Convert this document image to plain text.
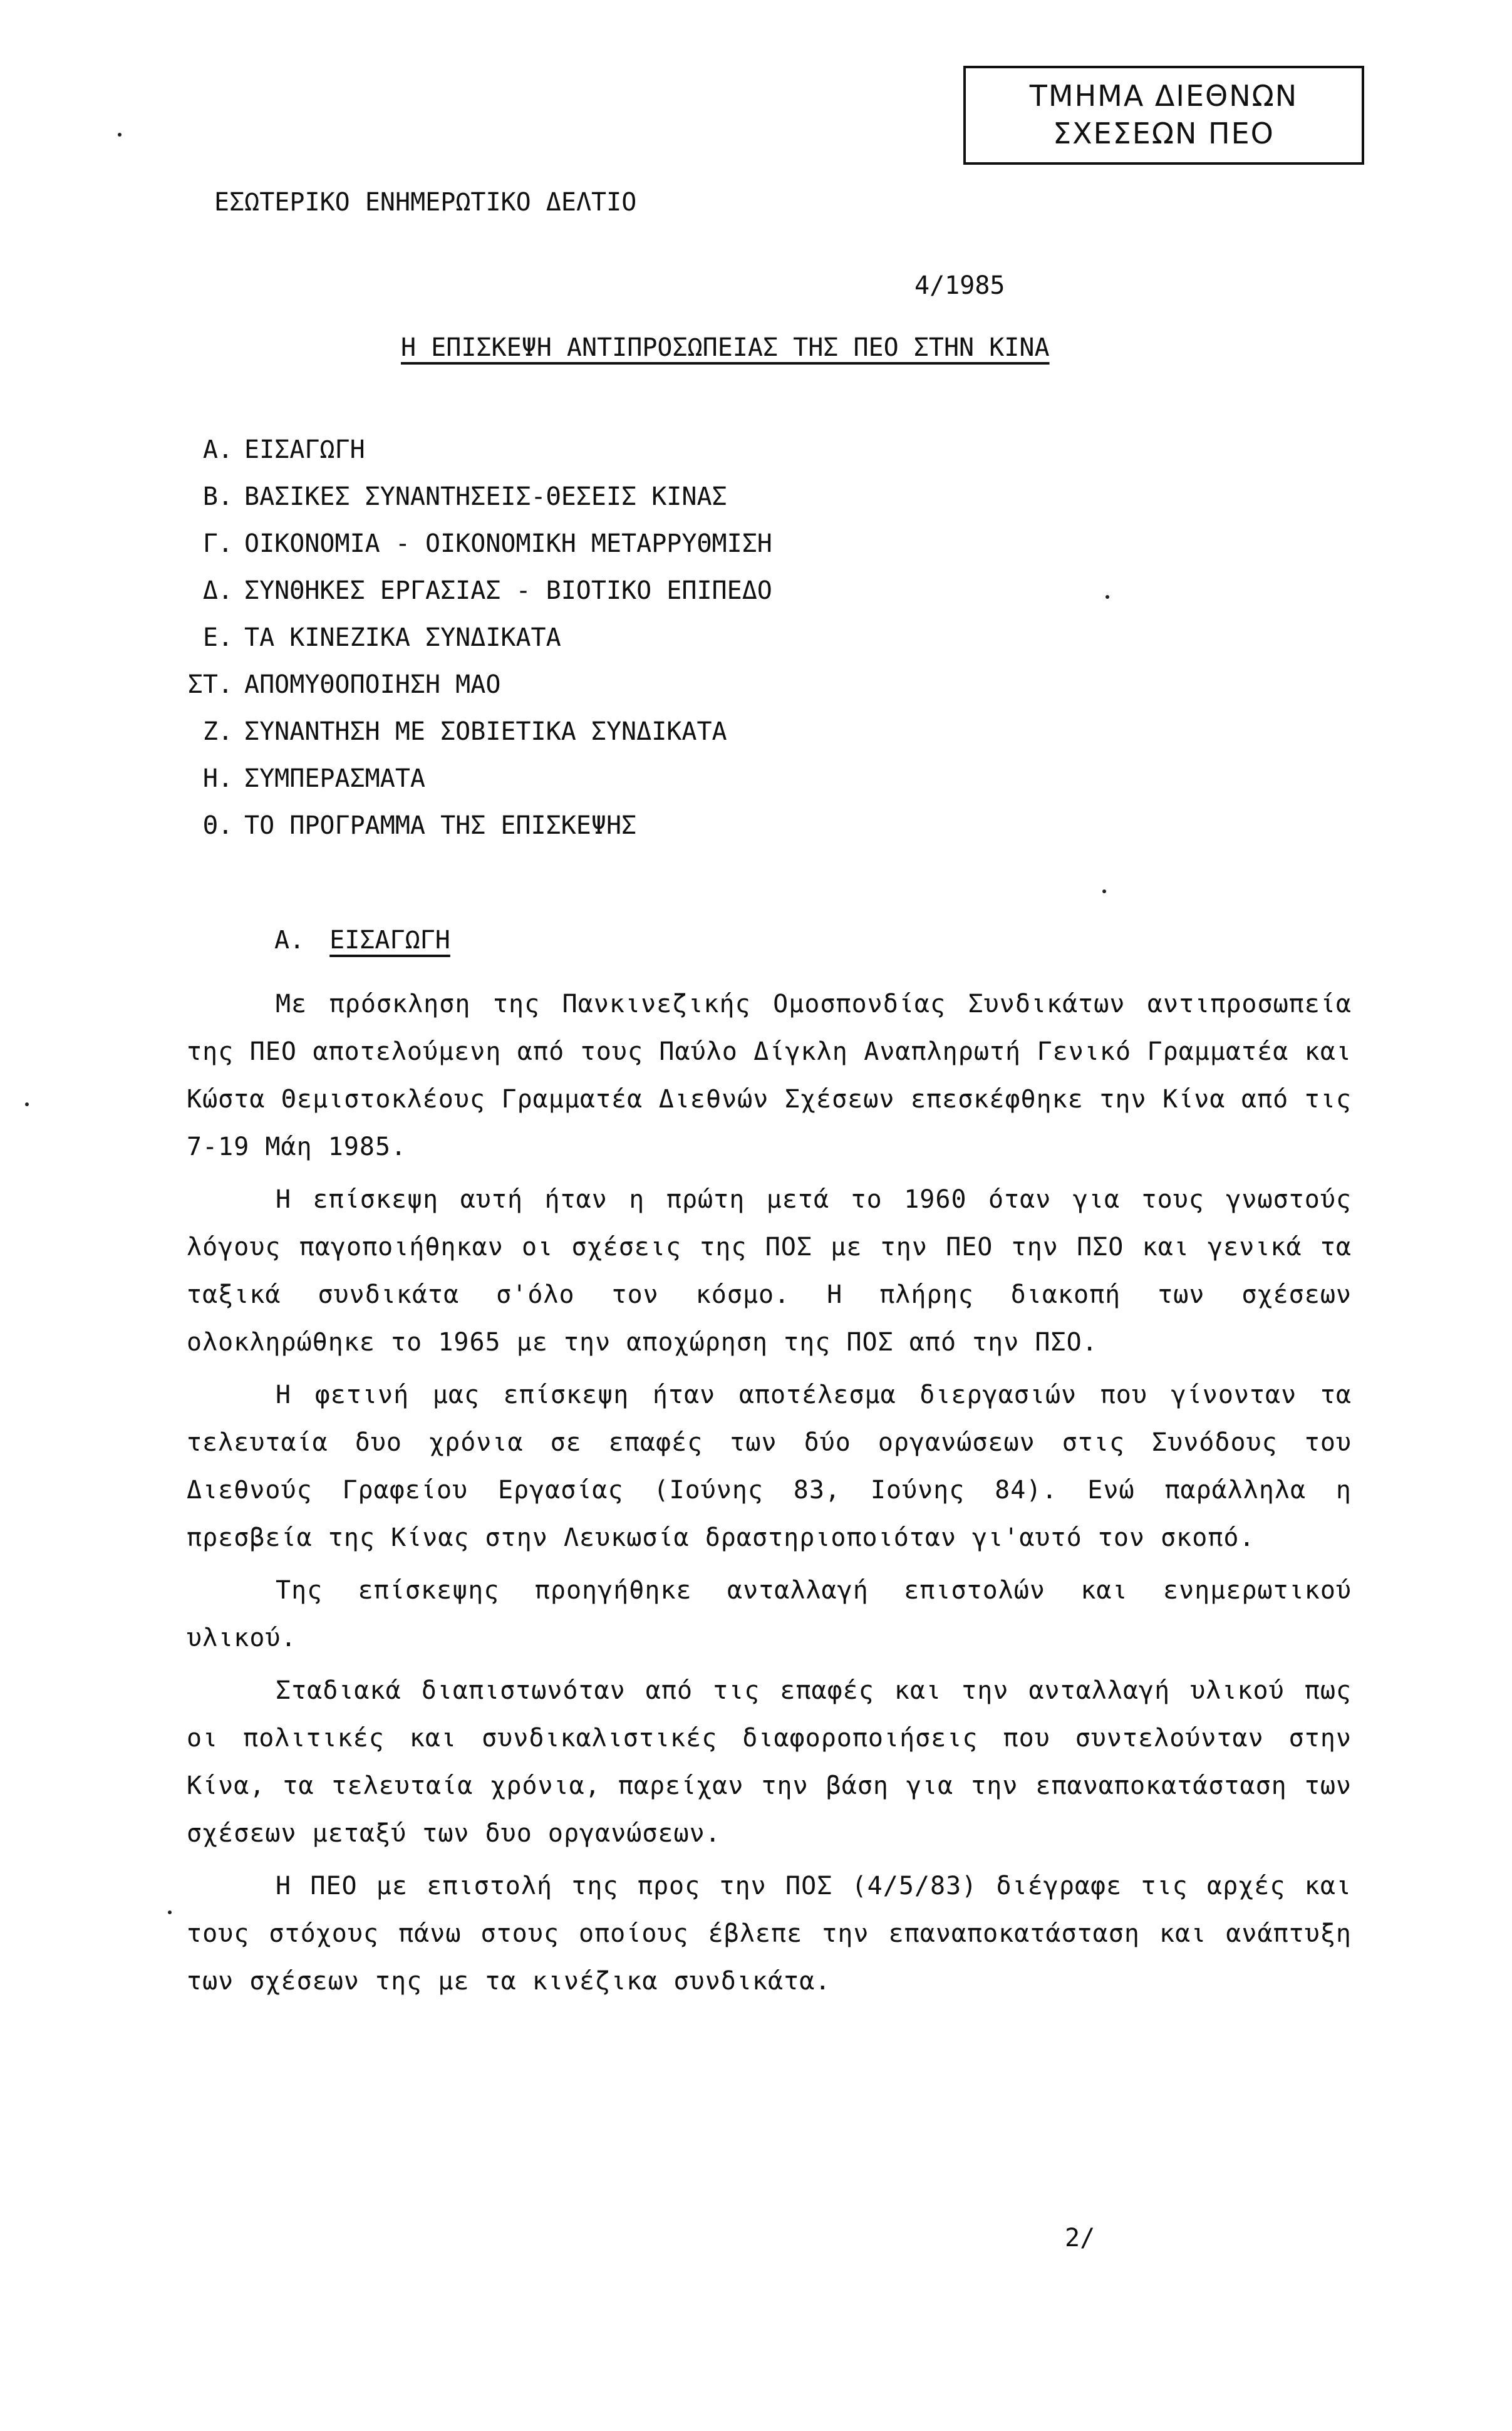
ΤΜΗΜΑ ΔΙΕΘΝΩΝ
ΣΧΕΣΕΩΝ ΠΕΟ
ΕΣΩΤΕΡΙΚΟ ΕΝΗΜΕΡΩΤΙΚΟ ΔΕΛΤΙΟ
4/1985
Η ΕΠΙΣΚΕΨΗ ΑΝΤΙΠΡΟΣΩΠΕΙΑΣ ΤΗΣ ΠΕΟ ΣΤΗΝ ΚΙΝΑ
Α. ΕΙΣΑΓΩΓΗ
Β. ΒΑΣΙΚΕΣ ΣΥΝΑΝΤΗΣΕΙΣ-ΘΕΣΕΙΣ ΚΙΝΑΣ
Γ. ΟΙΚΟΝΟΜΙΑ - ΟΙΚΟΝΟΜΙΚΗ ΜΕΤΑΡΡΥΘΜΙΣΗ
Δ. ΣΥΝΘΗΚΕΣ ΕΡΓΑΣΙΑΣ - ΒΙΟΤΙΚΟ ΕΠΙΠΕΔΟ
Ε. ΤΑ ΚΙΝΕΖΙΚΑ ΣΥΝΔΙΚΑΤΑ
ΣΤ. ΑΠΟΜΥΘΟΠΟΙΗΣΗ ΜΑΟ
Ζ. ΣΥΝΑΝΤΗΣΗ ΜΕ ΣΟΒΙΕΤΙΚΑ ΣΥΝΔΙΚΑΤΑ
Η. ΣΥΜΠΕΡΑΣΜΑΤΑ
Θ. ΤΟ ΠΡΟΓΡΑΜΜΑ ΤΗΣ ΕΠΙΣΚΕΨΗΣ
Α. ΕΙΣΑΓΩΓΗ

Με πρόσκληση της Πανκινεζικής Ομοσπονδίας Συνδικάτων αντιπροσωπεία της ΠΕΟ αποτελούμενη από τους Παύλο Δίγκλη Αναπληρωτή Γενικό Γραμματέα και Κώστα Θεμιστοκλέους Γραμματέα Διεθνών Σχέσεων επεσκέφθηκε την Κίνα από τις 7-19 Μάη 1985.

Η επίσκεψη αυτή ήταν η πρώτη μετά το 1960 όταν για τους γνωστούς λόγους παγοποιήθηκαν οι σχέσεις της ΠΟΣ με την ΠΕΟ την ΠΣΟ και γενικά τα ταξικά συνδικάτα σ'όλο τον κόσμο. Η πλήρης διακοπή των σχέσεων ολοκληρώθηκε το 1965 με την αποχώρηση της ΠΟΣ από την ΠΣΟ.

Η φετινή μας επίσκεψη ήταν αποτέλεσμα διεργασιών που γίνονταν τα τελευταία δυο χρόνια σε επαφές των δύο οργανώσεων στις Συνόδους του Διεθνούς Γραφείου Εργασίας (Ιούνης 83, Ιούνης 84). Ενώ παράλληλα η πρεσβεία της Κίνας στην Λευκωσία δραστηριοποιόταν γι'αυτό τον σκοπό.

Της επίσκεψης προηγήθηκε ανταλλαγή επιστολών και ενημερωτικού υλικού.

Σταδιακά διαπιστωνόταν από τις επαφές και την ανταλλαγή υλικού πως οι πολιτικές και συνδικαλιστικές διαφοροποιήσεις που συντελούνταν στην Κίνα, τα τελευταία χρόνια, παρείχαν την βάση για την επαναποκατάσταση των σχέσεων μεταξύ των δυο οργανώσεων.

Η ΠΕΟ με επιστολή της προς την ΠΟΣ (4/5/83) διέγραφε τις αρχές και τους στόχους πάνω στους οποίους έβλεπε την επαναποκατάσταση και ανάπτυξη των σχέσεων της με τα κινέζικα συνδικάτα.

2/
